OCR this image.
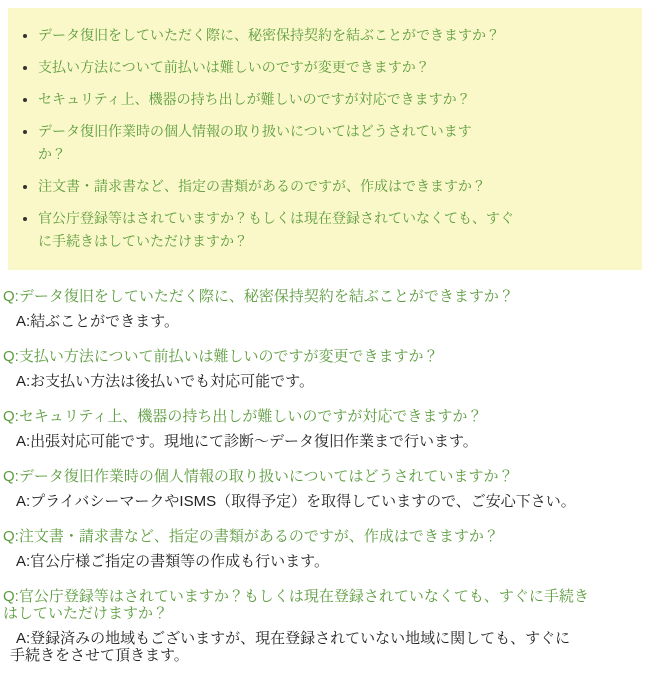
• データ復旧をしていただく際に、秘密保持契約を結ぶことができますか？
• 支払い方法について前払いは難しいのですが変更できますか？
• セキュリティ上、機器の持ち出しが難しいのですが対応できますか？
• データ復旧作業時の個人情報の取り扱いについてはどうされています
か？
• 注文書・請求書など、指定の書類があるのですが、作成はできますか？
• 官公庁登録等はされていますか？もしくは現在登録されていなくても、すぐ
に手続きはしていただけますか？
Q:データ復旧をしていただく際に、秘密保持契約を結ぶことができますか？
A:結ぶことができます。
Q:支払い方法について前払いは難しいのですが変更できますか？
A:お支払い方法は後払いでも対応可能です。
Q:セキュリティ上、機器の持ち出しが難しいのですが対応できますか？
A:出張対応可能です。現地にて診断～データ復旧作業まで行います。
Q:データ復旧作業時の個人情報の取り扱いについてはどうされていますか？
A:プライバシーマークやISMS（取得予定）を取得していますので、ご安心下さい。
Q:注文書・請求書など、指定の書類があるのですが、作成はできますか？
A:官公庁様ご指定の書類等の作成も行います。
Q:官公庁登録等はされていますか？もしくは現在登録されていなくても、すぐに手続き
はしていただけますか？
A:登録済みの地域もございますが、現在登録されていない地域に関しても、すぐに
手続きをさせて頂きます。
